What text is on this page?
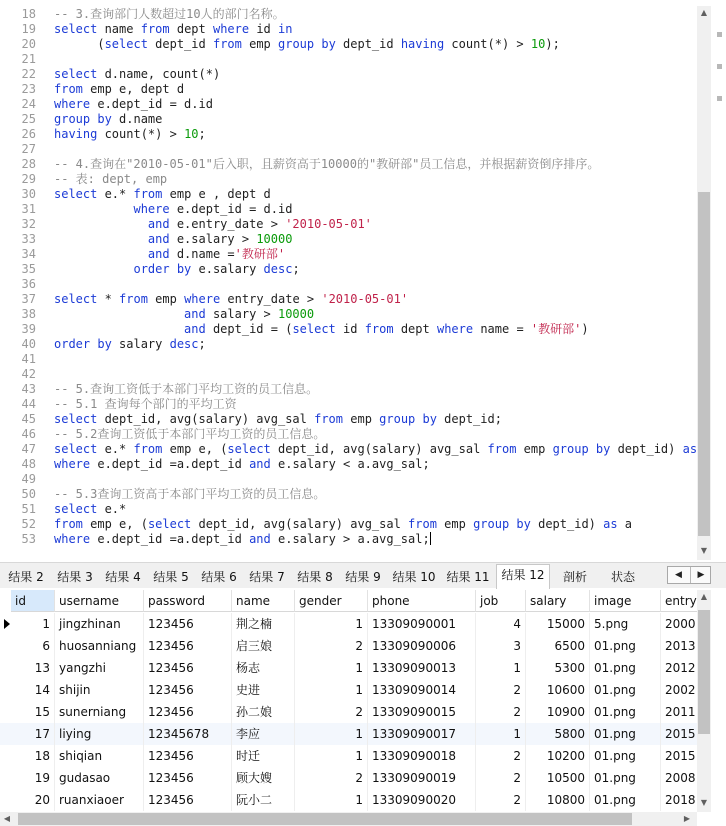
18
19
20
21
22
23
24
25
26
27
28
29
30
31
32
33
34
35
36
37
38
39
40
41
42
43
44
45
46
47
48
49
50
51
52
53
-- 3.查询部门人数超过10人的部门名称。
select name from dept where id in
(select dept_id from emp group by dept_id having count(*) > 10);
select d.name, count(*)
from emp e, dept d
where e.dept_id = d.id
group by d.name
having count(*) > 10;
-- 4.查询在"2010-05-01"后入职，且薪资高于10000的"教研部"员工信息，并根据薪资倒序排序。
-- 表: dept, emp
select e.* from emp e , dept d
where e.dept_id = d.id
and e.entry_date > '2010-05-01'
and e.salary > 10000
and d.name ='教研部'
order by e.salary desc;
select * from emp where entry_date > '2010-05-01'
and salary > 10000
and dept_id = (select id from dept where name = '教研部')
order by salary desc;
-- 5.查询工资低于本部门平均工资的员工信息。
-- 5.1 查询每个部门的平均工资
select dept_id, avg(salary) avg_sal from emp group by dept_id;
-- 5.2查询工资低于本部门平均工资的员工信息。
select e.* from emp e, (select dept_id, avg(salary) avg_sal from emp group by dept_id) as
where e.dept_id =a.dept_id and e.salary < a.avg_sal;
-- 5.3查询工资高于本部门平均工资的员工信息。
select e.*
from emp e, (select dept_id, avg(salary) avg_sal from emp group by dept_id) as a
where e.dept_id =a.dept_id and e.salary > a.avg_sal;
▲
▼
结果 2	结果 3	结果 4	结果 5	结果 6	结果 7	结果 8	结果 9 结果 10 结果 11 结果 12	剖析	状态	◀	▶
id	username	password	name	gender	phone	job	salary	image	entry
1 jingzhinan	123456	荆之楠	1 13309090001	4	15000 5.png	2000
6 huosanniang 123456	启三娘	2 13309090006	3	6500 01.png	2013
13 yangzhi	123456	杨志	1 13309090013	1	5300 01.png	2012
14 shijin	123456	史进	1 13309090014	2	10600 01.png	2002
15 sunerniang	123456	孙二娘	2 13309090015	2	10900 01.png	2011
17 liying	12345678	李应	1 13309090017	1	5800 01.png	2015
18 shiqian	123456	时迁	1 13309090018	2	10200 01.png	2015
19 gudasao	123456	顾大嫂	2 13309090019	2	10500 01.png	2008
20 ruanxiaoer	123456	阮小二	1 13309090020	2	10800 01.png	2018
▲
▼
◀	▶
